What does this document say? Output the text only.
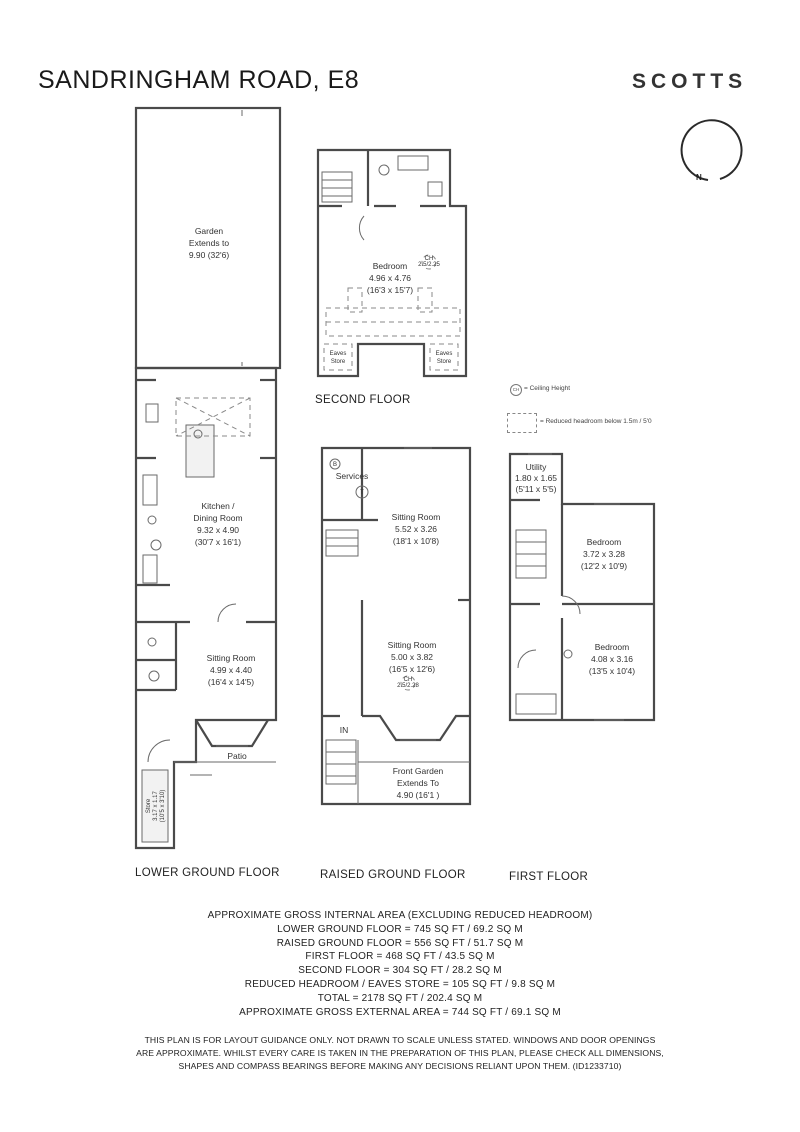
SANDRINGHAM ROAD, E8	SCOTTS
N
Garden
Extends to
9.90 (32'6)
Kitchen /
Dining Room
9.32 x 4.90
(30'7 x 16'1)
Sitting Room
4.99 x 4.40
(16'4 x 14'5)
Patio
Store 3.17 x 1.17 (10'5 x 3'10)
CH
2.5/2.25
Bedroom
4.96 x 4.76
(16'3 x 15'7)
Eaves
Store
Eaves
Store
B
T
CH
2.5/2.28
Services
Sitting Room
5.52 x 3.26
(18'1 x 10'8)
Sitting Room
5.00 x 3.82
(16'5 x 12'6)
IN
Front Garden
Extends To
4.90 (16'1 )
Utility
1.80 x 1.65
(5'11 x 5'5)
Bedroom
3.72 x 3.28
(12'2 x 10'9)
Bedroom
4.08 x 3.16
(13'5 x 10'4)
CH = Ceiling Height
= Reduced headroom below 1.5m / 5'0
SECOND FLOOR
LOWER GROUND FLOOR	RAISED GROUND FLOOR	FIRST FLOOR
APPROXIMATE GROSS INTERNAL AREA (EXCLUDING REDUCED HEADROOM)
LOWER GROUND FLOOR = 745 SQ FT / 69.2 SQ M
RAISED GROUND FLOOR = 556 SQ FT / 51.7 SQ M
FIRST FLOOR = 468 SQ FT / 43.5 SQ M
SECOND FLOOR = 304 SQ FT / 28.2 SQ M
REDUCED HEADROOM / EAVES STORE = 105 SQ FT / 9.8 SQ M
TOTAL = 2178 SQ FT / 202.4 SQ M
APPROXIMATE GROSS EXTERNAL AREA = 744 SQ FT / 69.1 SQ M
THIS PLAN IS FOR LAYOUT GUIDANCE ONLY. NOT DRAWN TO SCALE UNLESS STATED. WINDOWS AND DOOR OPENINGS
ARE APPROXIMATE. WHILST EVERY CARE IS TAKEN IN THE PREPARATION OF THIS PLAN, PLEASE CHECK ALL DIMENSIONS,
SHAPES AND COMPASS BEARINGS BEFORE MAKING ANY DECISIONS RELIANT UPON THEM. (ID1233710)
